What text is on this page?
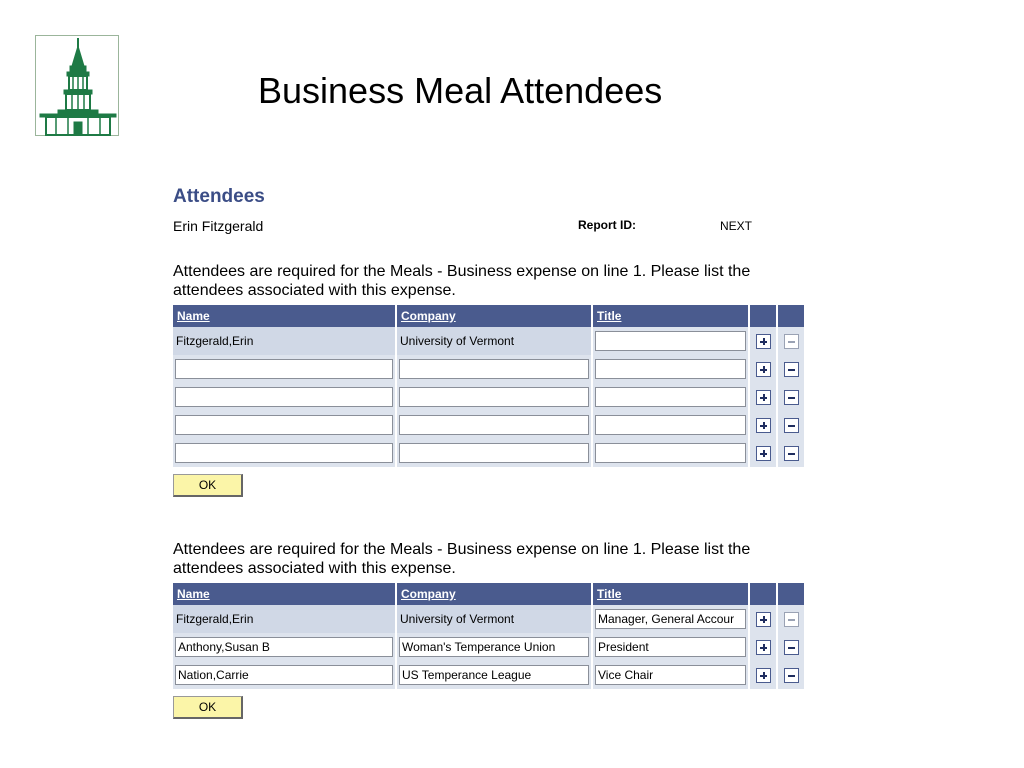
Business Meal Attendees
Attendees
Erin Fitzgerald	Report ID:	NEXT
Attendees are required for the Meals - Business expense on line 1. Please list the attendees associated with this expense.
Name	Company	Title		
Fitzgerald,Erin	University of Vermont			

OK
Attendees are required for the Meals - Business expense on line 1. Please list the attendees associated with this expense.
Name	Company	Title		
Fitzgerald,Erin	University of Vermont	Manager, General Accour		
Anthony,Susan B	Woman's Temperance Union	President		
Nation,Carrie	US Temperance League	Vice Chair		
OK
